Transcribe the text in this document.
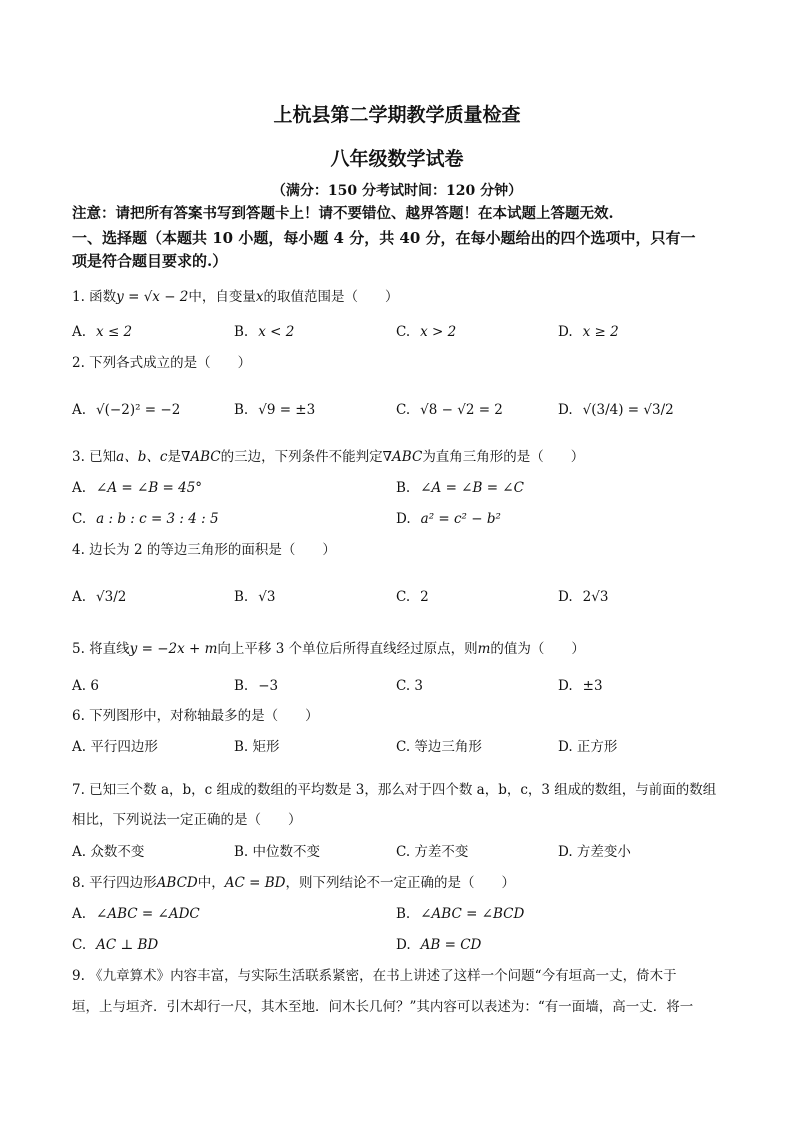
上杭县第二学期教学质量检查
八年级数学试卷
（满分：150 分考试时间：120 分钟）
注意：请把所有答案书写到答题卡上！请不要错位、越界答题！在本试题上答题无效.
一、选择题（本题共 10 小题，每小题 4 分，共 40 分，在每小题给出的四个选项中，只有一
项是符合题目要求的.）
1. 函数y = √x − 2中，自变量x的取值范围是（　　）
A. x ≤ 2	B. x < 2	C. x > 2	D. x ≥ 2
2. 下列各式成立的是（　　）
A. √(−2)² = −2	B. √9 = ±3	C. √8 − √2 = 2	D. √(3/4) = √3/2
3. 已知a、b、c是∇ABC的三边，下列条件不能判定∇ABC为直角三角形的是（　　）
A. ∠A = ∠B = 45°	B. ∠A = ∠B = ∠C
C. a : b : c = 3 : 4 : 5	D. a² = c² − b²
4. 边长为 2 的等边三角形的面积是（　　）
A. √3/2	B. √3	C. 2	D. 2√3
5. 将直线y = −2x + m向上平移 3 个单位后所得直线经过原点，则m的值为（　　）
A. 6	B. −3	C. 3	D. ±3
6. 下列图形中，对称轴最多的是（　　）
A. 平行四边形	B. 矩形	C. 等边三角形	D. 正方形
7. 已知三个数 a，b，c 组成的数组的平均数是 3，那么对于四个数 a，b，c，3 组成的数组，与前面的数组
相比，下列说法一定正确的是（　　）
A. 众数不变	B. 中位数不变	C. 方差不变	D. 方差变小
8. 平行四边形ABCD中，AC = BD，则下列结论不一定正确的是（　　）
A. ∠ABC = ∠ADC	B. ∠ABC = ∠BCD
C. AC ⊥ BD	D. AB = CD
9. 《九章算术》内容丰富，与实际生活联系紧密，在书上讲述了这样一个问题“今有垣高一丈，倚木于
垣，上与垣齐．引木却行一尺，其木至地．问木长几何？”其内容可以表述为：“有一面墙，高一丈．将一
